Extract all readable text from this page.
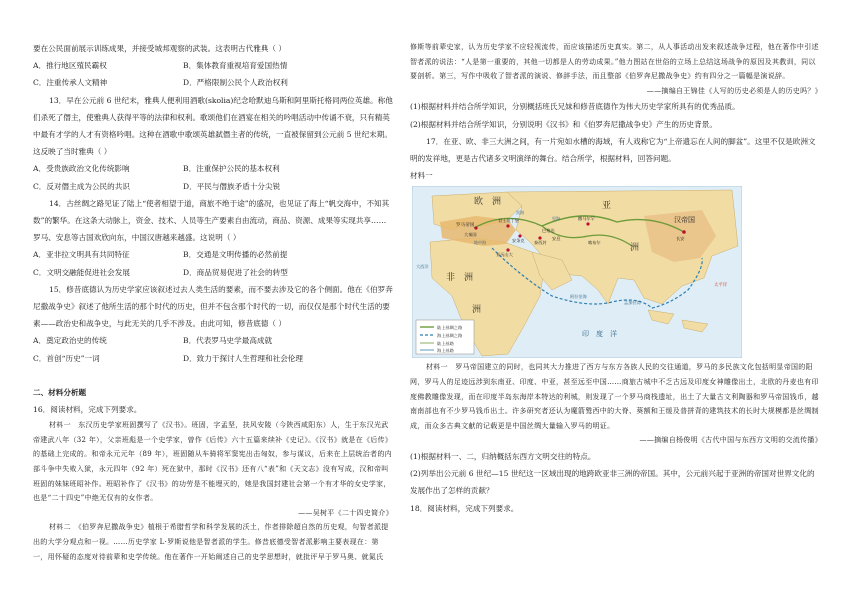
要在公民面前展示训练成果，并接受城邦观察的武装。这表明古代雅典（ ）

A．推行地区殖民霸权	B．集体教育重视培育爱国热情
C．注重传承人文精神	D．严格限制公民个人政治权利

13．早在公元前 6 世纪末，雅典人便利用酒歌(skolia)纪念哈默迪乌斯和阿里斯托格同两位英雄。称他们杀死了僭主，使雅典人获得平等的法律和权利。歌颂他们在酒宴在相关的吟唱活动中传诵不衰，只有精英中最有才学的人才有资格吟唱。这种在酒歌中歌颂英雄弑僭主者的传统，一直被保留到公元前 5 世纪末期。这反映了当时雅典（ ）

A．受贵族政治文化传统影响	B．注重保护公民的基本权利
C．反对僭主成为公民的共识	D．平民与僭族矛盾十分尖锐

14．古丝绸之路见证了陆上“使者相望于道，商旅不绝于途”的盛况，也见证了海上“帆交海中，不知其数”的繁华。在这条大动脉上，资金、技术、人员等生产要素自由流动，商品、资源、成果等实现共享……罗马、安息等古国欢欣向东，中国汉唐越来越盛。这说明（ ）

A．亚非拉文明具有共同特征	B．交通是文明传播的必然前提
C．文明交融能促进社会发展	D．商品贸易促进了社会的转型

15．修昔底德认为历史学家应该叙述过去人类生活的要素，而不要去涉及它的各个侧面。他在《伯罗奔尼撒战争史》叙述了他所生活的那个时代的历史，但并不包含那个时代的一切，而仅仅是那个时代生活的要素——政治史和战争史，与此无关的几乎不涉及。由此可知，修昔底德（ ）

A．奠定政治史的传统	B．代表罗马史学最高成就
C．首创“历史”一词	D．致力于探讨人生哲理和社会伦理

二、材料分析题

16．阅读材料，完成下列要求。

材料一　东汉历史学家班固撰写了《汉书》。班固，字孟坚，扶风安陵（今陕西咸阳东）人，生于东汉光武帝建武八年（32 年），父亲班彪是一个史学家，曾作《后传》六十五篇来续补《史记》。《汉书》就是在《后传》的基础上完成的。和帝永元元年（89 年），班固随从车骑将军窦宪出击匈奴，参与谋议，后来在上层统治者的内部斗争中失败入狱，永元四年（92 年）死在狱中，那时《汉书》还有八“表”和《天文志》没有写成，汉和帝叫班固的妹妹班昭补作。班昭补作了《汉书》的功劳是不能埋灭的，她是我国封建社会第一个有才华的女史学家，也是“二十四史”中绝无仅有的女作者。

——吴树平《二十四史简介》

材料二　《伯罗奔尼撒战争史》植根于希腊哲学和科学发展的沃土，作者排除超自然的历史观，句智者派提出的大学分观点和一视。……历史学家 L·罗斯说他是智者派的学生。修昔底德受智者派影响主要表现在：第一，用怀疑的态度对待前辈和史学传统。他在著作一开始阐述自己的史学思想时，就批评早于罗马奥、就氮氏

修斯等前辈史家，认为历史学家不应轻视流传，而应该描述历史真实。第二，从人事活动出发来叙述战争过程，他在著作中引述智者派的说法：“人是第一重要的，其他一切都是人的劳动成果。”他力图站在世俗的立场上总结这场战争的原因及其教训，同以要剖析。第三，写作中吸收了智者派的演说、修辞手法，而且整部《伯罗奔尼撒战争史》约有四分之一篇幅是演说辞。

——摘编自王锦佳《人写的历史必须是人的历史吗？》

(1)根据材料并结合所学知识，分别概括班氏兄妹和修昔底德作为伟大历史学家所具有的优秀品质。

(2)根据材料并结合所学知识，分别说明《汉书》和《伯罗奔尼撒战争史》产生的历史背景。

17．在亚、欧、非三大洲之间，有一片宛如水槽的海域，有人戏称它为“上帝遗忘在人间的脚盆”。这里不仅是欧洲文明的发祥地，更是古代诸多文明演绎的舞台。结合所学，根据材料，回答问题。

材料一

欧　洲	亚
洲
非　洲
洲
罗马帝国
君士坦丁堡
安条克 泰西封
亚历山大
巴格达
撒马尔罕	汉帝国
长安
喀布尔
大秦国
安息
黑海
里海
地中海
阿拉伯海
孟加拉湾
印　度　洋
太平洋
大西洋
陆上丝绸之路
海上丝绸之路
陆上丝路
海上丝路

材料一　罗马帝国建立的同时，也同其大力推进了西方与东方各族人民的交往通道，罗马的多民族文化包括明显帝国的阳网，罗马人的足迹远涉到东南亚、印度、中亚，甚至远至中国……商旅古城中不乏古远及印度女神雕像出土，北欧的丹麦也有印度佛教雕像发现，而在印度半岛东海岸本特达的利城，则发现了一个罗马商栈遗址，出土了大量古文利陶器和罗马帝国钱币，越南南部也有不少罗马钱币出土。许多研究者还认为魔箭鹫西中的大脊、葵额和王缓及普拼背的建筑技术的长时大规模都是丝绸制成，而众多古典文献的记载更是中国丝绸大量输入罗马的明证。

——摘编自杨俊明《古代中国与东西方文明的交流传播》

(1)根据材料一、二，归纳概括东西方文明交往的特点。

(2)列举出公元前 6 世纪—15 世纪这一区域出现的地跨欧亚非三洲的帝国。其中，公元前兴起于亚洲的帝国对世界文化的发展作出了怎样的贡献？

18．阅读材料，完成下列要求。
